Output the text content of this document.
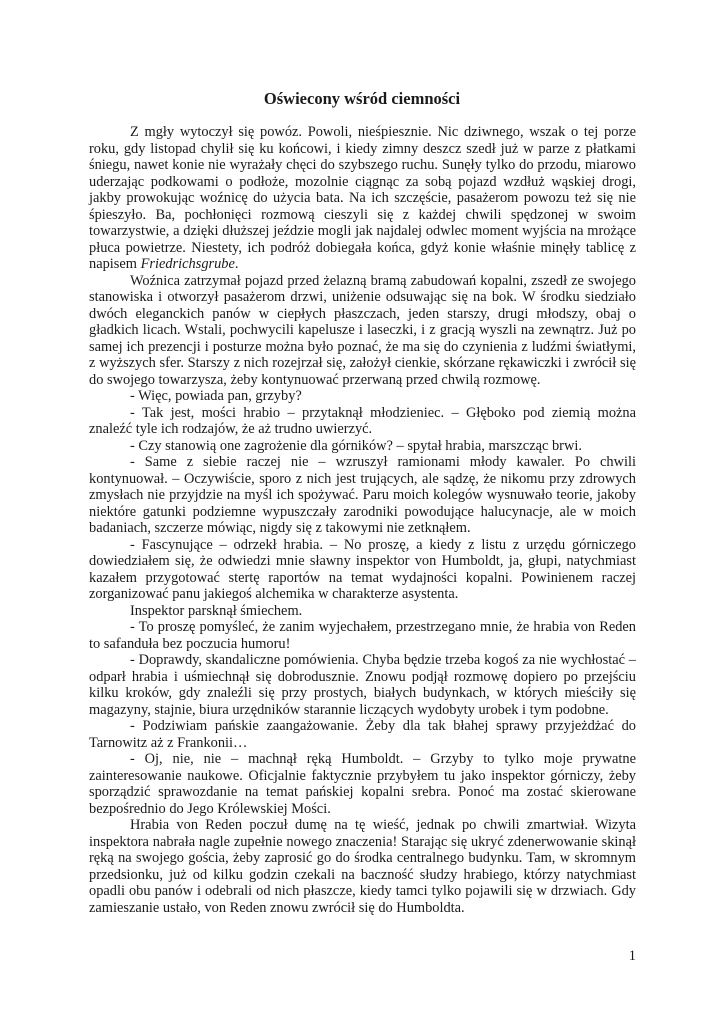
Oświecony wśród ciemności

Z mgły wytoczył się powóz. Powoli, nieśpiesznie. Nic dziwnego, wszak o tej porze roku, gdy listopad chylił się ku końcowi, i kiedy zimny deszcz szedł już w parze z płatkami śniegu, nawet konie nie wyrażały chęci do szybszego ruchu. Sunęły tylko do przodu, miarowo uderzając podkowami o podłoże, mozolnie ciągnąc za sobą pojazd wzdłuż wąskiej drogi, jakby prowokując woźnicę do użycia bata. Na ich szczęście, pasażerom powozu też się nie śpieszyło. Ba, pochłonięci rozmową cieszyli się z każdej chwili spędzonej w swoim towarzystwie, a dzięki dłuższej jeździe mogli jak najdalej odwlec moment wyjścia na mrożące płuca powietrze. Niestety, ich podróż dobiegała końca, gdyż konie właśnie minęły tablicę z napisem Friedrichsgrube.

Woźnica zatrzymał pojazd przed żelazną bramą zabudowań kopalni, zszedł ze swojego stanowiska i otworzył pasażerom drzwi, uniżenie odsuwając się na bok. W środku siedziało dwóch eleganckich panów w ciepłych płaszczach, jeden starszy, drugi młodszy, obaj o gładkich licach. Wstali, pochwycili kapelusze i laseczki, i z gracją wyszli na zewnątrz. Już po samej ich prezencji i posturze można było poznać, że ma się do czynienia z ludźmi światłymi, z wyższych sfer. Starszy z nich rozejrzał się, założył cienkie, skórzane rękawiczki i zwrócił się do swojego towarzysza, żeby kontynuować przerwaną przed chwilą rozmowę.

- Więc, powiada pan, grzyby?

- Tak jest, mości hrabio – przytaknął młodzieniec. – Głęboko pod ziemią można znaleźć tyle ich rodzajów, że aż trudno uwierzyć.

- Czy stanowią one zagrożenie dla górników? – spytał hrabia, marszcząc brwi.

- Same z siebie raczej nie – wzruszył ramionami młody kawaler. Po chwili kontynuował. – Oczywiście, sporo z nich jest trujących, ale sądzę, że nikomu przy zdrowych zmysłach nie przyjdzie na myśl ich spożywać. Paru moich kolegów wysnuwało teorie, jakoby niektóre gatunki podziemne wypuszczały zarodniki powodujące halucynacje, ale w moich badaniach, szczerze mówiąc, nigdy się z takowymi nie zetknąłem.

- Fascynujące – odrzekł hrabia. – No proszę, a kiedy z listu z urzędu górniczego dowiedziałem się, że odwiedzi mnie sławny inspektor von Humboldt, ja, głupi, natychmiast kazałem przygotować stertę raportów na temat wydajności kopalni. Powinienem raczej zorganizować panu jakiegoś alchemika w charakterze asystenta.

Inspektor parsknął śmiechem.

- To proszę pomyśleć, że zanim wyjechałem, przestrzegano mnie, że hrabia von Reden to safanduła bez poczucia humoru!

- Doprawdy, skandaliczne pomówienia. Chyba będzie trzeba kogoś za nie wychłostać – odparł hrabia i uśmiechnął się dobrodusznie. Znowu podjął rozmowę dopiero po przejściu kilku kroków, gdy znaleźli się przy prostych, białych budynkach, w których mieściły się magazyny, stajnie, biura urzędników starannie liczących wydobyty urobek i tym podobne.

- Podziwiam pańskie zaangażowanie. Żeby dla tak błahej sprawy przyjeżdżać do Tarnowitz aż z Frankonii…

- Oj, nie, nie – machnął ręką Humboldt. – Grzyby to tylko moje prywatne zainteresowanie naukowe. Oficjalnie faktycznie przybyłem tu jako inspektor górniczy, żeby sporządzić sprawozdanie na temat pańskiej kopalni srebra. Ponoć ma zostać skierowane bezpośrednio do Jego Królewskiej Mości.

Hrabia von Reden poczuł dumę na tę wieść, jednak po chwili zmartwiał. Wizyta inspektora nabrała nagle zupełnie nowego znaczenia! Starając się ukryć zdenerwowanie skinął ręką na swojego gościa, żeby zaprosić go do środka centralnego budynku. Tam, w skromnym przedsionku, już od kilku godzin czekali na baczność słudzy hrabiego, którzy natychmiast opadli obu panów i odebrali od nich płaszcze, kiedy tamci tylko pojawili się w drzwiach. Gdy zamieszanie ustało, von Reden znowu zwrócił się do Humboldta.

1
